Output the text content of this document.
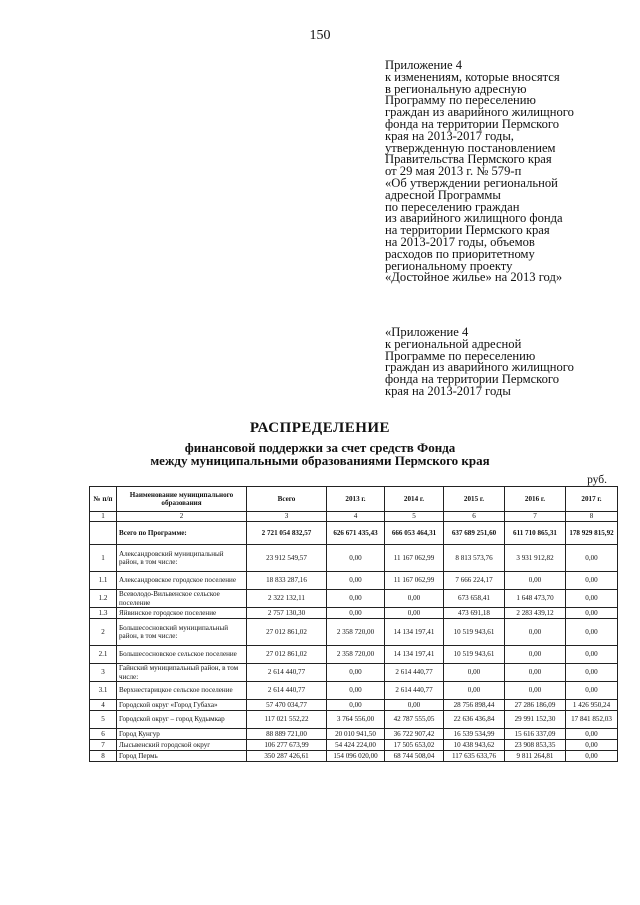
150
Приложение 4
к изменениям, которые вносятся
в региональную адресную
Программу по переселению
граждан из аварийного жилищного
фонда на территории Пермского
края на 2013-2017 годы,
утвержденную постановлением
Правительства Пермского края
от 29 мая 2013 г. № 579-п
«Об утверждении региональной
адресной Программы
по переселению граждан
из аварийного жилищного фонда
на территории Пермского края
на 2013-2017 годы, объемов
расходов по приоритетному
региональному проекту
«Достойное жилье» на 2013 год»
«Приложение 4
к региональной адресной
Программе по переселению
граждан из аварийного жилищного
фонда на территории Пермского
края на 2013-2017 годы
РАСПРЕДЕЛЕНИЕ
финансовой поддержки за счет средств Фонда
между муниципальными образованиями Пермского края
руб.
№ п/п	Наименование муниципального образования	Всего	2013 г.	2014 г.	2015 г.	2016 г.	2017 г.
1	2	3	4	5	6	7	8
	Всего по Программе:	2 721 054 832,57	626 671 435,43	666 053 464,31	637 689 251,60	611 710 865,31	178 929 815,92
1	Александровский муниципальный район, в том числе:	23 912 549,57	0,00	11 167 062,99	8 813 573,76	3 931 912,82	0,00
1.1	Александровское городское поселение	18 833 287,16	0,00	11 167 062,99	7 666 224,17	0,00	0,00
1.2	Всеволодо-Вильвенское сельское поселение	2 322 132,11	0,00	0,00	673 658,41	1 648 473,70	0,00
1.3	Яйвинское городское поселение	2 757 130,30	0,00	0,00	473 691,18	2 283 439,12	0,00
2	Большесосновский муниципальный район, в том числе:	27 012 861,02	2 358 720,00	14 134 197,41	10 519 943,61	0,00	0,00
2.1	Большесосновское сельское поселение	27 012 861,02	2 358 720,00	14 134 197,41	10 519 943,61	0,00	0,00
3	Гайнский муниципальный район, в том числе:	2 614 440,77	0,00	2 614 440,77	0,00	0,00	0,00
3.1	Верхнестарицкое сельское поселение	2 614 440,77	0,00	2 614 440,77	0,00	0,00	0,00
4	Городской округ «Город Губаха»	57 470 034,77	0,00	0,00	28 756 898,44	27 286 186,09	1 426 950,24
5	Городской округ – город Кудымкар	117 021 552,22	3 764 556,00	42 787 555,05	22 636 436,84	29 991 152,30	17 841 852,03
6	Город Кунгур	88 889 721,00	20 010 941,50	36 722 907,42	16 539 534,99	15 616 337,09	0,00
7	Лысьвенский городской округ	106 277 673,99	54 424 224,00	17 505 653,02	10 438 943,62	23 908 853,35	0,00
8	Город Пермь	350 287 426,61	154 096 020,00	68 744 508,04	117 635 633,76	9 811 264,81	0,00
